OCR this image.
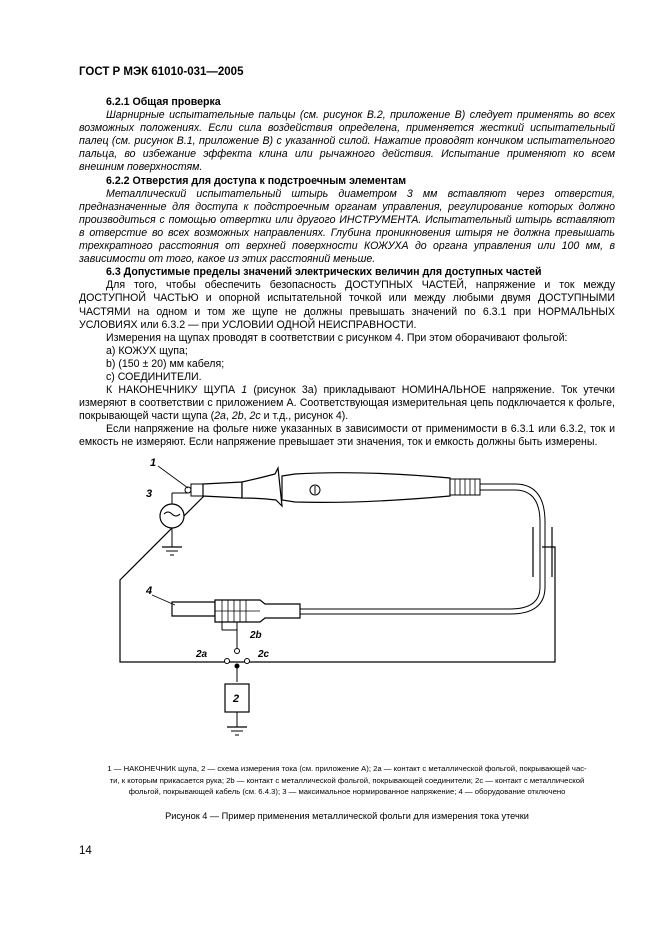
ГОСТ Р МЭК 61010-031—2005

6.2.1 Общая проверка

Шарнирные испытательные пальцы (см. рисунок В.2, приложение В) следует применять во всех возможных положениях. Если сила воздействия определена, применяется жесткий испытательный палец (см. рисунок В.1, приложение В) с указанной силой. Нажатие проводят кончиком испытательного пальца, во избежание эффекта клина или рычажного действия. Испытание применяют ко всем внешним поверхностям.

6.2.2 Отверстия для доступа к подстроечным элементам

Металлический испытательный штырь диаметром 3 мм вставляют через отверстия, предназначенные для доступа к подстроечным органам управления, регулирование которых должно производиться с помощью отвертки или другого ИНСТРУМЕНТА. Испытательный штырь вставляют в отверстие во всех возможных направлениях. Глубина проникновения штыря не должна превышать трехкратного расстояния от верхней поверхности КОЖУХА до органа управления или 100 мм, в зависимости от того, какое из этих расстояний меньше.

6.3 Допустимые пределы значений электрических величин для доступных частей

Для того, чтобы обеспечить безопасность ДОСТУПНЫХ ЧАСТЕЙ, напряжение и ток между ДОСТУПНОЙ ЧАСТЬЮ и опорной испытательной точкой или между любыми двумя ДОСТУПНЫМИ ЧАСТЯМИ на одном и том же щупе не должны превышать значений по 6.3.1 при НОРМАЛЬНЫХ УСЛОВИЯХ или 6.3.2 — при УСЛОВИИ ОДНОЙ НЕИСПРАВНОСТИ.

Измерения на щупах проводят в соответствии с рисунком 4. При этом оборачивают фольгой:

a) КОЖУХ щупа;

b) (150 ± 20) мм кабеля;

c) СОЕДИНИТЕЛИ.

К НАКОНЕЧНИКУ ЩУПА 1 (рисунок 3а) прикладывают НОМИНАЛЬНОЕ напряжение. Ток утечки измеряют в соответствии с приложением А. Соответствующая измерительная цепь подключается к фольге, покрывающей части щупа (2а, 2b, 2с и т.д., рисунок 4).

Если напряжение на фольге ниже указанных в зависимости от применимости в 6.3.1 или 6.3.2, ток и емкость не измеряют. Если напряжение превышает эти значения, ток и емкость должны быть измерены.

1
3
4
2b
2a	2c
2
1 — НАКОНЕЧНИК щупа, 2 — схема измерения тока (см. приложение А); 2а — контакт с металлической фольгой, покрывающей час-
ти, к которым прикасается рука; 2b — контакт с металлической фольгой, покрывающей соединители; 2с — контакт с металлической
фольгой, покрывающей кабель (см. 6.4.3); 3 — максимальное нормированное напряжение; 4 — оборудование отключено
Рисунок 4 — Пример применения металлической фольги для измерения тока утечки
14
